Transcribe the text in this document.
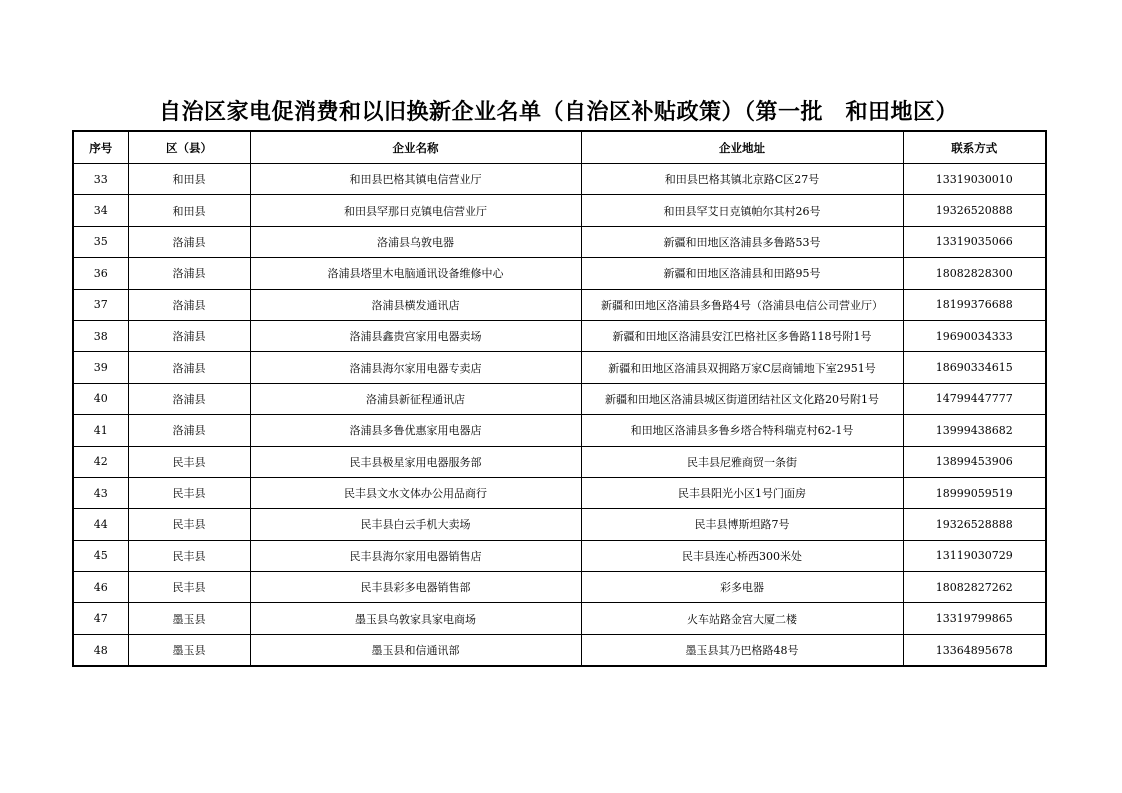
自治区家电促消费和以旧换新企业名单（自治区补贴政策）（第一批　和田地区）
序号	区（县）	企业名称	企业地址	联系方式
33	和田县	和田县巴格其镇电信营业厅	和田县巴格其镇北京路C区27号	13319030010
34	和田县	和田县罕那日克镇电信营业厅	和田县罕艾日克镇帕尔其村26号	19326520888
35	洛浦县	洛浦县乌敦电器	新疆和田地区洛浦县多鲁路53号	13319035066
36	洛浦县	洛浦县塔里木电脑通讯设备维修中心	新疆和田地区洛浦县和田路95号	18082828300
37	洛浦县	洛浦县横发通讯店	新疆和田地区洛浦县多鲁路4号（洛浦县电信公司营业厅）	18199376688
38	洛浦县	洛浦县鑫贵宫家用电器卖场	新疆和田地区洛浦县安江巴格社区多鲁路118号附1号	19690034333
39	洛浦县	洛浦县海尔家用电器专卖店	新疆和田地区洛浦县双拥路万家C层商铺地下室2951号	18690334615
40	洛浦县	洛浦县新征程通讯店	新疆和田地区洛浦县城区街道团结社区文化路20号附1号	14799447777
41	洛浦县	洛浦县多鲁优惠家用电器店	和田地区洛浦县多鲁乡塔合特科瑞克村62-1号	13999438682
42	民丰县	民丰县极星家用电器服务部	民丰县尼雅商贸一条街	13899453906
43	民丰县	民丰县文水文体办公用品商行	民丰县阳光小区1号门面房	18999059519
44	民丰县	民丰县白云手机大卖场	民丰县博斯坦路7号	19326528888
45	民丰县	民丰县海尔家用电器销售店	民丰县连心桥西300米处	13119030729
46	民丰县	民丰县彩多电器销售部	彩多电器	18082827262
47	墨玉县	墨玉县乌敦家具家电商场	火车站路金宫大厦二楼	13319799865
48	墨玉县	墨玉县和信通讯部	墨玉县其乃巴格路48号	13364895678
